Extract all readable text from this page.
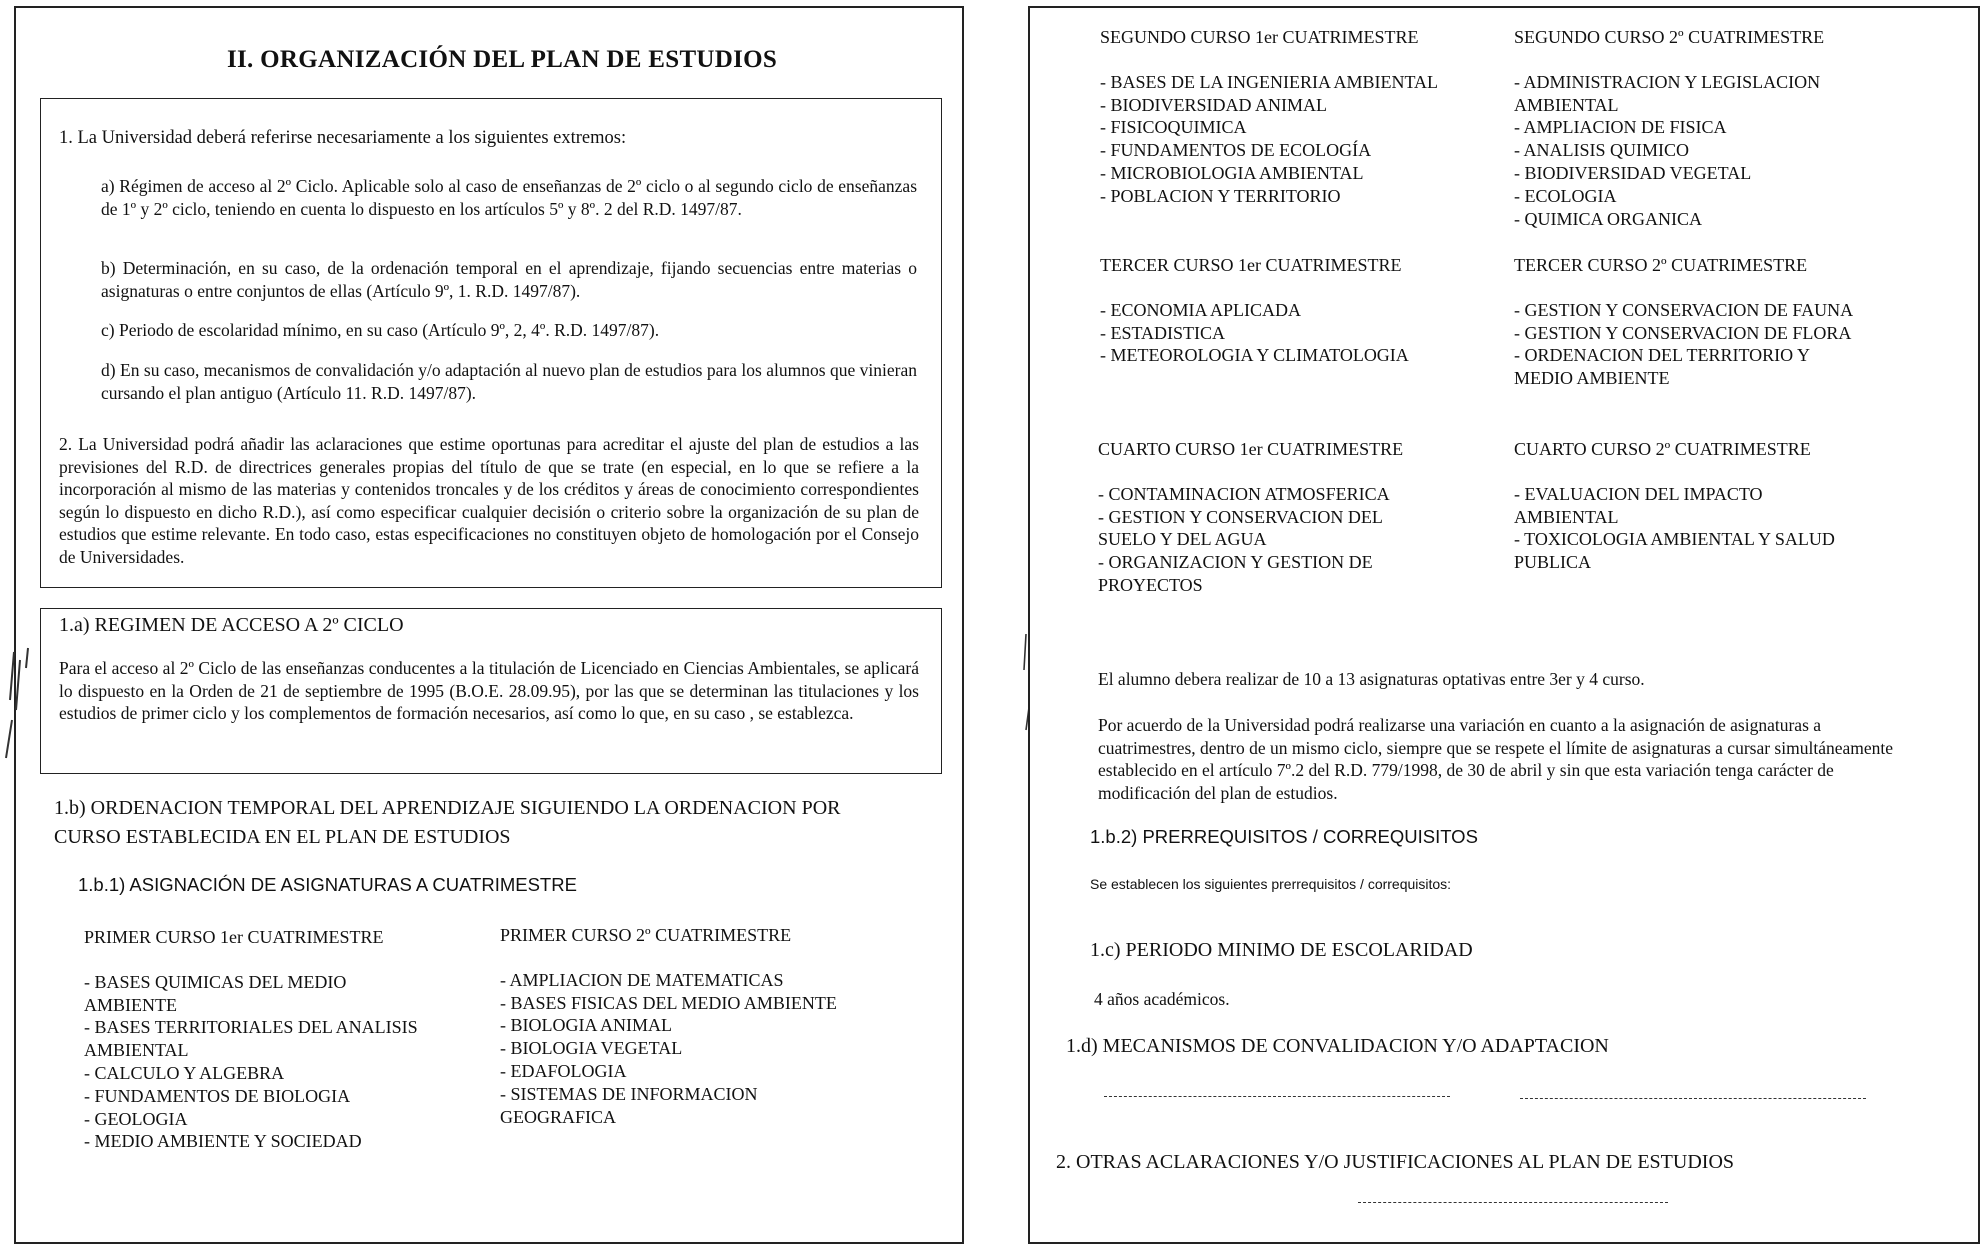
II. ORGANIZACIÓN DEL PLAN DE ESTUDIOS
1. La Universidad deberá referirse necesariamente a los siguientes extremos:
a) Régimen de acceso al 2º Ciclo. Aplicable solo al caso de enseñanzas de 2º ciclo o al segundo ciclo de enseñanzas de 1º y 2º ciclo, teniendo en cuenta lo dispuesto en los artículos 5º y 8º. 2 del R.D. 1497/87.
b) Determinación, en su caso, de la ordenación temporal en el aprendizaje, fijando secuencias entre materias o asignaturas o entre conjuntos de ellas (Artículo 9º, 1. R.D. 1497/87).
c) Periodo de escolaridad mínimo, en su caso (Artículo 9º, 2, 4º. R.D. 1497/87).
d) En su caso, mecanismos de convalidación y/o adaptación al nuevo plan de estudios para los alumnos que vinieran cursando el plan antiguo (Artículo 11. R.D. 1497/87).
2. La Universidad podrá añadir las aclaraciones que estime oportunas para acreditar el ajuste del plan de estudios a las previsiones del R.D. de directrices generales propias del título de que se trate (en especial, en lo que se refiere a la incorporación al mismo de las materias y contenidos troncales y de los créditos y áreas de conocimiento correspondientes según lo dispuesto en dicho R.D.), así como especificar cualquier decisión o criterio sobre la organización de su plan de estudios que estime relevante. En todo caso, estas especificaciones no constituyen objeto de homologación por el Consejo de Universidades.
1.a) REGIMEN DE ACCESO A 2º CICLO
Para el acceso al 2º Ciclo de las enseñanzas conducentes a la titulación de Licenciado en Ciencias Ambientales, se aplicará lo dispuesto en la Orden de 21 de septiembre de 1995 (B.O.E. 28.09.95), por las que se determinan las titulaciones y los estudios de primer ciclo y los complementos de formación necesarios, así como lo que, en su caso , se establezca.
1.b) ORDENACION TEMPORAL DEL APRENDIZAJE SIGUIENDO LA ORDENACION POR
CURSO ESTABLECIDA EN EL PLAN DE ESTUDIOS
1.b.1) ASIGNACIÓN DE ASIGNATURAS A CUATRIMESTRE
PRIMER CURSO 1er CUATRIMESTRE
- BASES QUIMICAS DEL MEDIO
AMBIENTE
- BASES TERRITORIALES DEL ANALISIS
AMBIENTAL
- CALCULO Y ALGEBRA
- FUNDAMENTOS DE BIOLOGIA
- GEOLOGIA
- MEDIO AMBIENTE Y SOCIEDAD
PRIMER CURSO 2º CUATRIMESTRE
- AMPLIACION DE MATEMATICAS
- BASES FISICAS DEL MEDIO AMBIENTE
- BIOLOGIA ANIMAL
- BIOLOGIA VEGETAL
- EDAFOLOGIA
- SISTEMAS DE INFORMACION
GEOGRAFICA
SEGUNDO CURSO 1er CUATRIMESTRE
- BASES DE LA INGENIERIA AMBIENTAL
- BIODIVERSIDAD ANIMAL
- FISICOQUIMICA
- FUNDAMENTOS DE ECOLOGÍA
- MICROBIOLOGIA AMBIENTAL
- POBLACION Y TERRITORIO
SEGUNDO CURSO 2º CUATRIMESTRE
- ADMINISTRACION Y LEGISLACION
AMBIENTAL
- AMPLIACION DE FISICA
- ANALISIS QUIMICO
- BIODIVERSIDAD VEGETAL
- ECOLOGIA
- QUIMICA ORGANICA
TERCER CURSO 1er CUATRIMESTRE
- ECONOMIA APLICADA
- ESTADISTICA
- METEOROLOGIA Y CLIMATOLOGIA
TERCER CURSO 2º CUATRIMESTRE
- GESTION Y CONSERVACION DE FAUNA
- GESTION Y CONSERVACION DE FLORA
- ORDENACION DEL TERRITORIO Y
MEDIO AMBIENTE
CUARTO CURSO 1er CUATRIMESTRE
- CONTAMINACION ATMOSFERICA
- GESTION Y CONSERVACION DEL
SUELO Y DEL AGUA
- ORGANIZACION Y GESTION DE
PROYECTOS
CUARTO CURSO 2º CUATRIMESTRE
- EVALUACION DEL IMPACTO
AMBIENTAL
- TOXICOLOGIA AMBIENTAL Y SALUD
PUBLICA
El alumno debera realizar de 10 a 13 asignaturas optativas entre 3er y 4 curso.
Por acuerdo de la Universidad podrá realizarse una variación en cuanto a la asignación de asignaturas a cuatrimestres, dentro de un mismo ciclo, siempre que se respete el límite de asignaturas a cursar simultáneamente establecido en el artículo 7º.2 del R.D. 779/1998, de 30 de abril y sin que esta variación tenga carácter de modificación del plan de estudios.
1.b.2) PRERREQUISITOS / CORREQUISITOS
Se establecen los siguientes prerrequisitos / correquisitos:
1.c) PERIODO MINIMO DE ESCOLARIDAD
4 años académicos.
1.d) MECANISMOS DE CONVALIDACION Y/O ADAPTACION
2. OTRAS ACLARACIONES Y/O JUSTIFICACIONES AL PLAN DE ESTUDIOS
